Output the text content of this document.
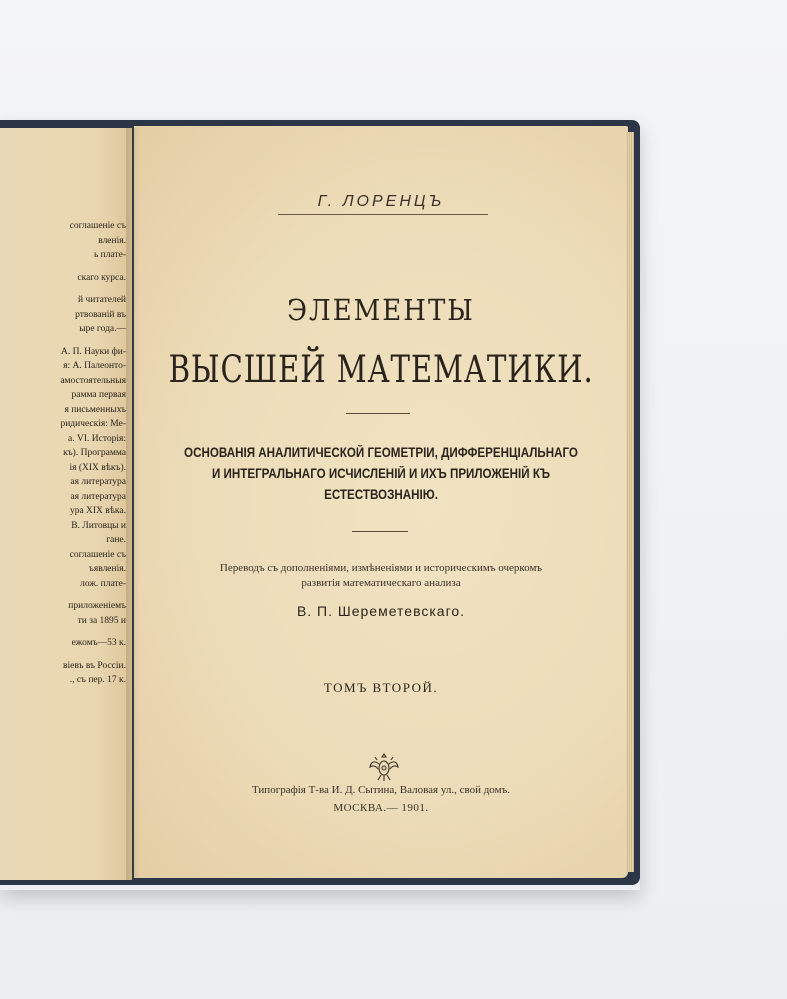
соглашеніе съ
вленія.
ь плате-
скаго курса.
й читателей
ртвованій въ
ыре года.—
А. П. Науки фи-
я: А. Палеонто-
амостоятельныя
рамма первая
я письменныхъ
ридическія: Ме-
а. VI. Исторія:
къ). Программа
ія (XIX вѣкъ).
ая литература
ая литература
ура XIX вѣка.
В. Литовцы и
гане.
соглашеніе съ
ъявленія.
лож. плате-
приложеніемъ
ти за 1895 и
ежомъ—53 к.
віевъ въ Россіи.
., съ пер. 17 к.
Г. ЛОРЕНЦЪ
ЭЛЕМЕНТЫ
ВЫСШЕЙ МАТЕМАТИКИ.
ОСНОВАНІЯ АНАЛИТИЧЕСКОЙ ГЕОМЕТРІИ, ДИФФЕРЕНЦІАЛЬНАГО
И ИНТЕГРАЛЬНАГО ИСЧИСЛЕНІЙ И ИХЪ ПРИЛОЖЕНІЙ КЪ
ЕСТЕСТВОЗНАНІЮ.
Переводъ съ дополненіями, измѣненіями и историческимъ очеркомъ
развитія математическаго анализа
В. П. Шереметевскаго.
ТОМЪ ВТОРОЙ.
Типографія Т-ва И. Д. Сытина, Валовая ул., свой домъ.
МОСКВА.— 1901.
